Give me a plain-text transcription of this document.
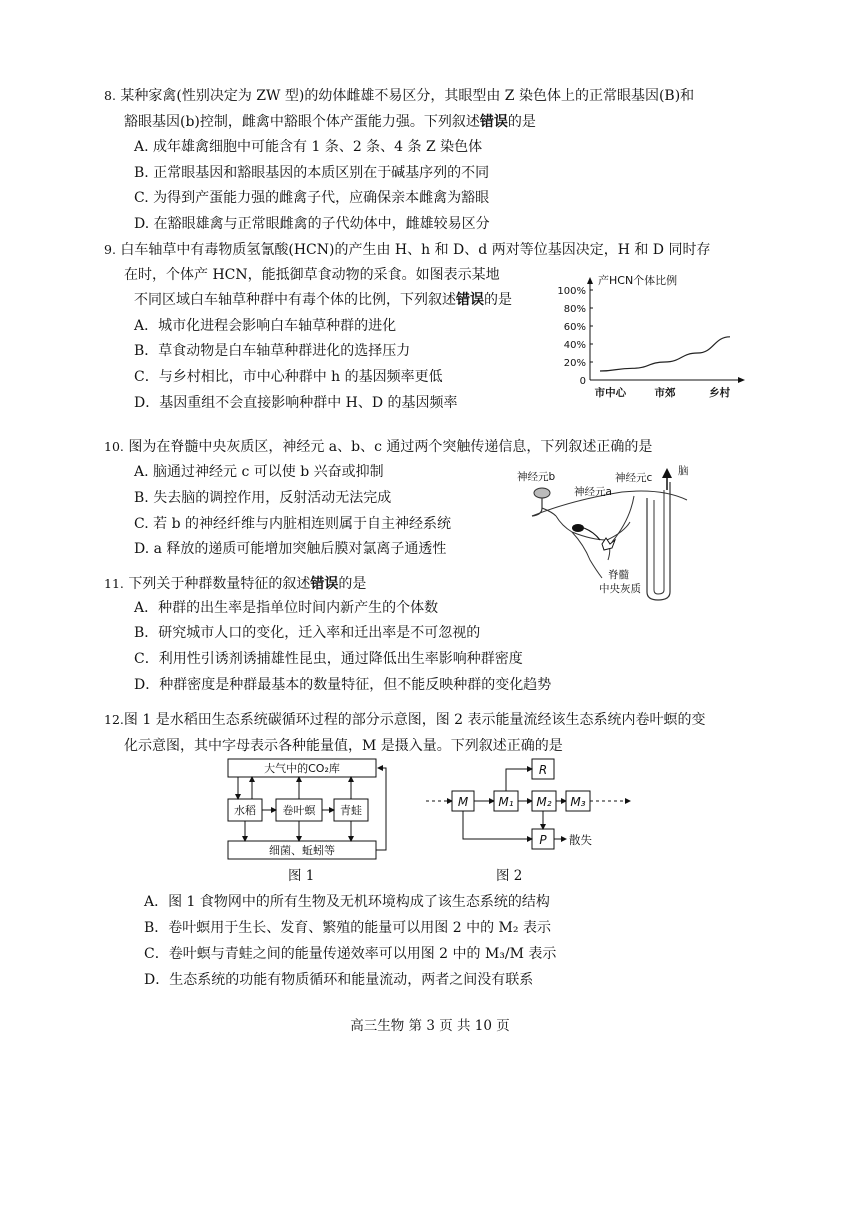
8. 某种家禽(性别决定为 ZW 型)的幼体雌雄不易区分，其眼型由 Z 染色体上的正常眼基因(B)和
豁眼基因(b)控制，雌禽中豁眼个体产蛋能力强。下列叙述错误的是
A. 成年雄禽细胞中可能含有 1 条、2 条、4 条 Z 染色体
B. 正常眼基因和豁眼基因的本质区别在于碱基序列的不同
C. 为得到产蛋能力强的雌禽子代，应确保亲本雌禽为豁眼
D. 在豁眼雄禽与正常眼雌禽的子代幼体中，雌雄较易区分
9. 白车轴草中有毒物质氢氰酸(HCN)的产生由 H、h 和 D、d 两对等位基因决定，H 和 D 同时存
在时，个体产 HCN，能抵御草食动物的采食。如图表示某地
不同区域白车轴草种群中有毒个体的比例，下列叙述错误的是
A．城市化进程会影响白车轴草种群的进化
B．草食动物是白车轴草种群进化的选择压力
C．与乡村相比，市中心种群中 h 的基因频率更低
D．基因重组不会直接影响种群中 H、D 的基因频率
产HCN个体比例
0
20%
40%
60%
80%
100%
市中心	市郊	乡村
10. 图为在脊髓中央灰质区，神经元 a、b、c 通过两个突触传递信息，下列叙述正确的是
A. 脑通过神经元 c 可以使 b 兴奋或抑制
B. 失去脑的调控作用，反射活动无法完成
C. 若 b 的神经纤维与内脏相连则属于自主神经系统
D. a 释放的递质可能增加突触后膜对氯离子通透性
神经元b
神经元a
神经元c
脑
脊髓
中央灰质
11. 下列关于种群数量特征的叙述错误的是
A．种群的出生率是指单位时间内新产生的个体数
B．研究城市人口的变化，迁入率和迁出率是不可忽视的
C．利用性引诱剂诱捕雄性昆虫，通过降低出生率影响种群密度
D．种群密度是种群最基本的数量特征，但不能反映种群的变化趋势
12.图 1 是水稻田生态系统碳循环过程的部分示意图，图 2 表示能量流经该生态系统内卷叶螟的变
化示意图，其中字母表示各种能量值，M 是摄入量。下列叙述正确的是
大气中的CO₂库
水稻 卷叶螟 青蛙
细菌、蚯蚓等
图 1
M	M₁ M₂ M₃
R
P 散失
图 2
A．图 1 食物网中的所有生物及无机环境构成了该生态系统的结构
B．卷叶螟用于生长、发育、繁殖的能量可以用图 2 中的 M₂ 表示
C．卷叶螟与青蛙之间的能量传递效率可以用图 2 中的 M₃/M 表示
D．生态系统的功能有物质循环和能量流动，两者之间没有联系
高三生物 第 3 页 共 10 页
